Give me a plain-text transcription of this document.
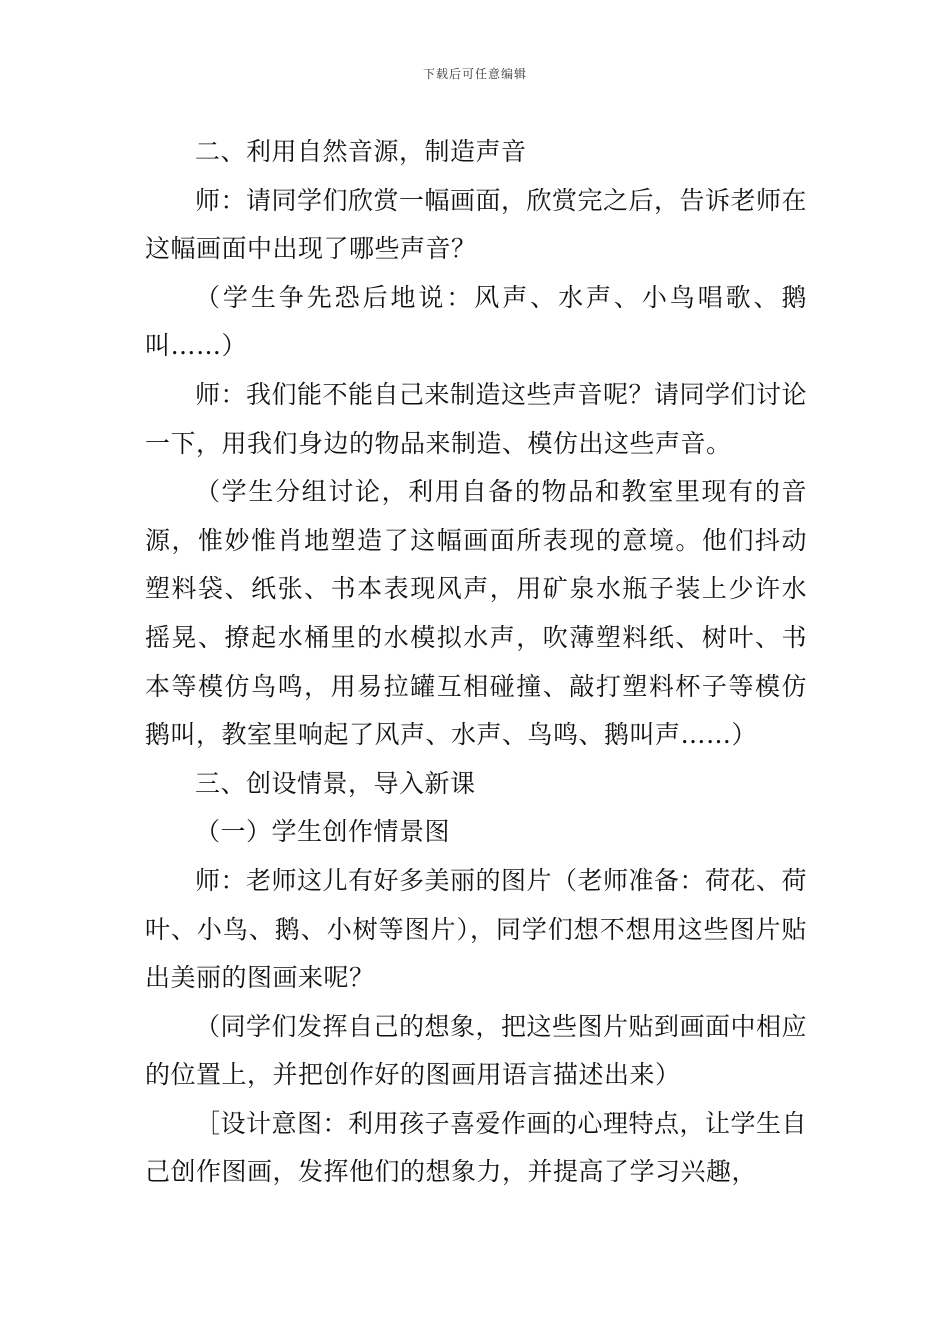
下载后可任意编辑

二、利用自然音源，制造声音

师：请同学们欣赏一幅画面，欣赏完之后，告诉老师在这幅画面中出现了哪些声音？

（学生争先恐后地说：风声、水声、小鸟唱歌、鹅叫……）

师：我们能不能自己来制造这些声音呢？请同学们讨论一下，用我们身边的物品来制造、模仿出这些声音。

（学生分组讨论，利用自备的物品和教室里现有的音源，惟妙惟肖地塑造了这幅画面所表现的意境。他们抖动塑料袋、纸张、书本表现风声，用矿泉水瓶子装上少许水摇晃、撩起水桶里的水模拟水声，吹薄塑料纸、树叶、书本等模仿鸟鸣，用易拉罐互相碰撞、敲打塑料杯子等模仿鹅叫，教室里响起了风声、水声、鸟鸣、鹅叫声……）

三、创设情景，导入新课

（一）学生创作情景图

师：老师这儿有好多美丽的图片（老师准备：荷花、荷叶、小鸟、鹅、小树等图片），同学们想不想用这些图片贴出美丽的图画来呢？

（同学们发挥自己的想象，把这些图片贴到画面中相应的位置上，并把创作好的图画用语言描述出来）

［设计意图：利用孩子喜爱作画的心理特点，让学生自己创作图画，发挥他们的想象力，并提高了学习兴趣，
